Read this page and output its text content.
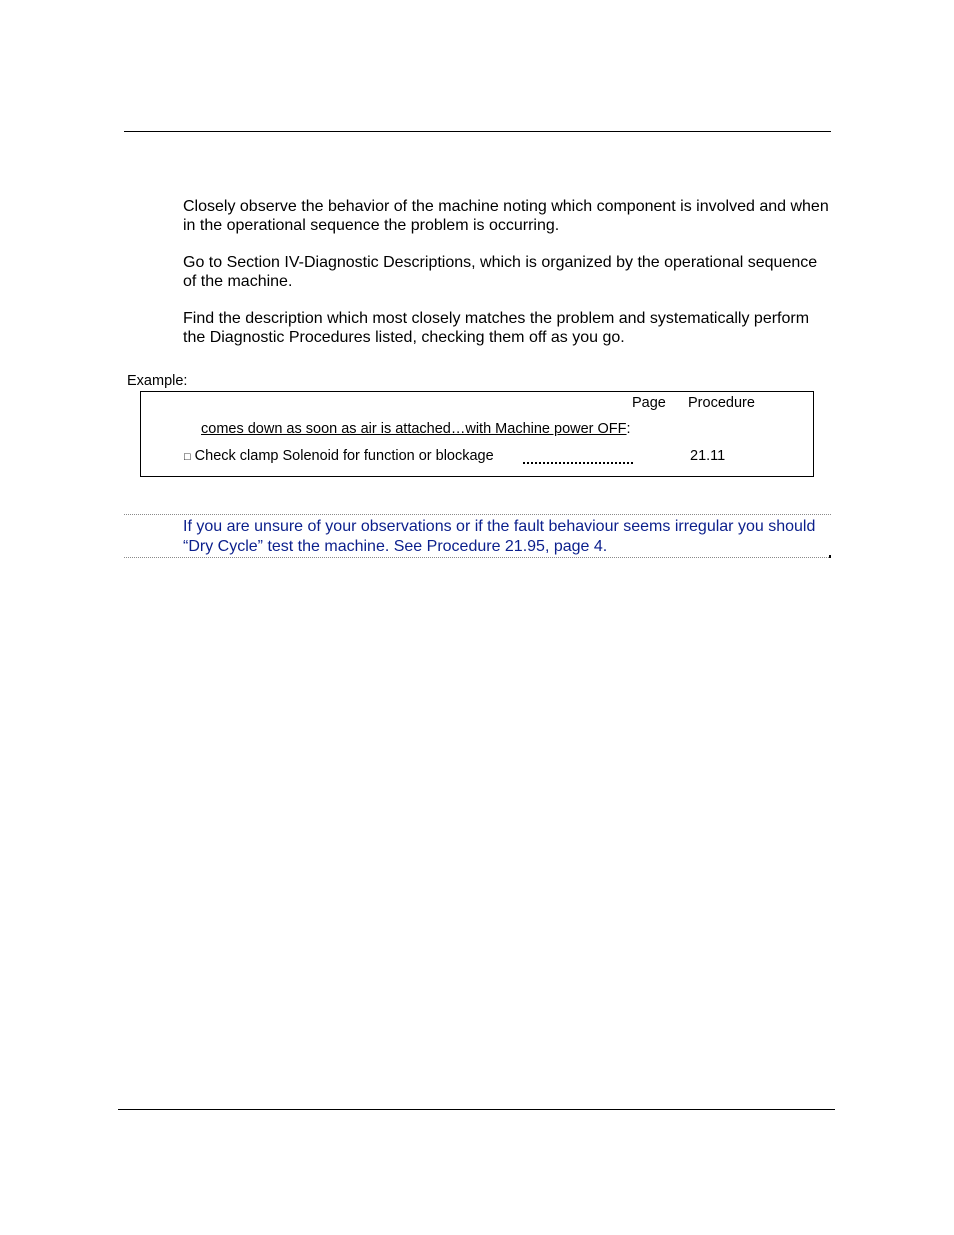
Closely observe the behavior of the machine noting which component is involved and when in the operational sequence the problem is occurring.

Go to Section IV-Diagnostic Descriptions, which is organized by the operational sequence of the machine.

Find the description which most closely matches the problem and systematically perform the Diagnostic Procedures listed, checking them off as you go.

Example:
Page Procedure
comes down as soon as air is attached…with Machine power OFF:
□ Check clamp Solenoid for function or blockage	21.11

If you are unsure of your observations or if the fault behaviour seems irregular you should “Dry Cycle” test the machine. See Procedure 21.95, page 4.
